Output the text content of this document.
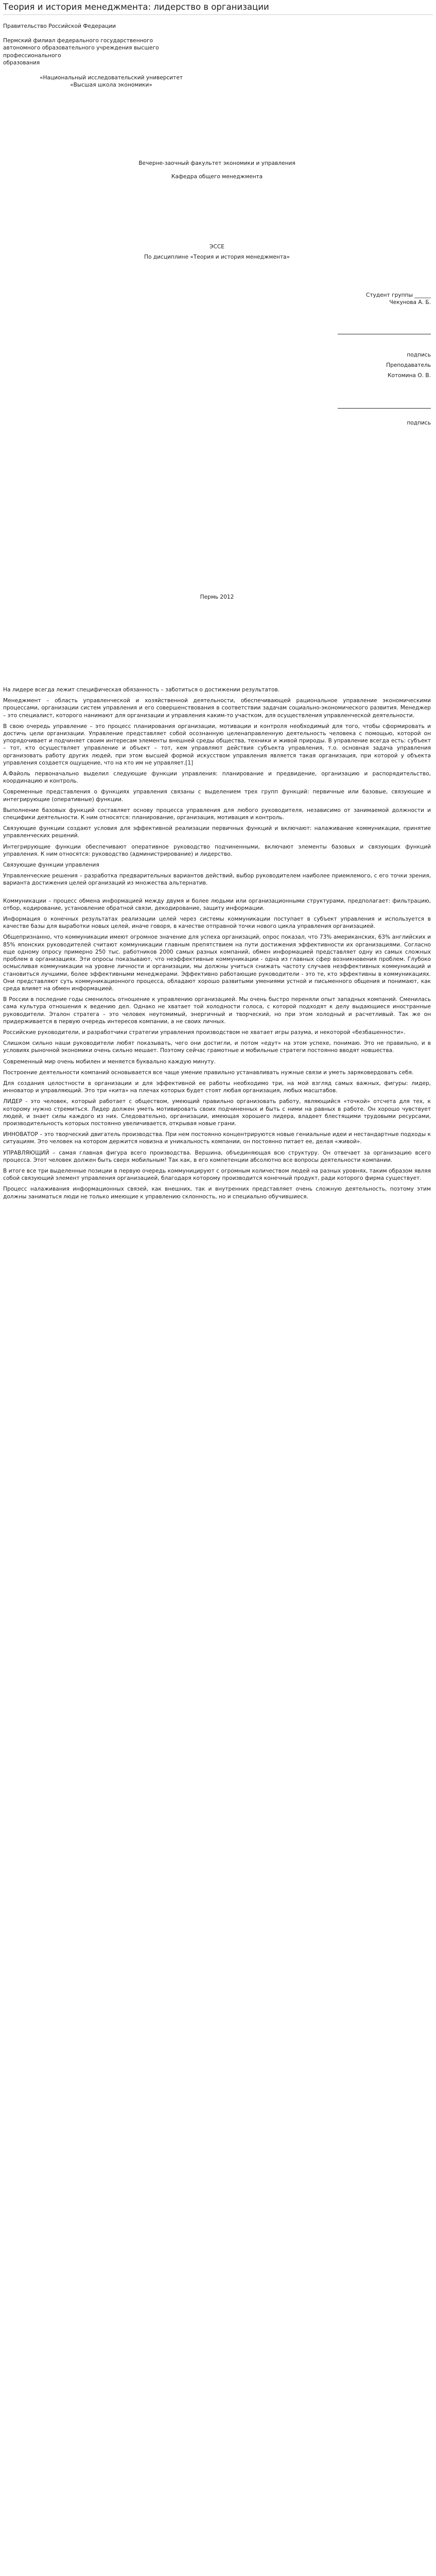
Теория и история менеджмента: лидерство в организации
Правительство Российской Федерации
Пермский филиал федерального государственного
автономного образовательного учреждения высшего профессионального
образования
«Национальный исследовательский университет
«Высшая школа экономики»
Вечерне-заочный факультет экономики и управления
Кафедра общего менеджмента
ЭССЕ
По дисциплине «Теория и история менеджмента»
Студент группы ______
Чекунова А. Б.
подпись
Преподаватель
Котомина О. В.
подпись
Пермь 2012

На лидере всегда лежит специфическая обязанность – заботиться о достижении результатов.

Менеджмент – область управленческой и хозяйственной деятельности, обеспечивающей рациональное управление экономическими процессами, организации систем управления и его совершенствования в соответствии задачам социально-экономического развития. Менеджер – это специалист, которого нанимают для организации и управления каким-то участком, для осуществления управленческой деятельности.

В свою очередь управление – это процесс планирования организации, мотивации и контроля необходимый для того, чтобы сформировать и достичь цели организации. Управление представляет собой осознанную целенаправленную деятельность человека с помощью, которой он упорядочивает и подчиняет своим интересам элементы внешней среды общества, техники и живой природы. В управление всегда есть: субъект – тот, кто осуществляет управление и объект – тот, кем управляют действия субъекта управления, т.о. основная задача управления организовать работу других людей, при этом высшей формой искусством управления является такая организация, при которой у объекта управления создается ощущение, что на кто им не управляет.[1]

А.Файоль первоначально выделил следующие функции управления: планирование и предвидение, организацию и распорядительство, координацию и контроль.

Современные представления о функциях управления связаны с выделением трех групп функций: первичные или базовые, связующие и интегрирующие (оперативные) функции.

Выполнение базовых функций составляет основу процесса управления для любого руководителя, независимо от занимаемой должности и специфики деятельности. К ним относятся: планирование, организация, мотивация и контроль.

Связующие функции создают условия для эффективной реализации первичных функций и включают: налаживание коммуникации, принятие управленческих решений.

Интегрирующие функции обеспечивают оперативное руководство подчиненными, включают элементы базовых и связующих функций управления. К ним относятся: руководство (администрирование) и лидерство.

Связующие функции управления

Управленческие решения – разработка предварительных вариантов действий, выбор руководителем наиболее приемлемого, с его точки зрения, варианта достижения целей организаций из множества альтернатив.

Коммуникации – процесс обмена информацией между двумя и более людьми или организационными структурами, предполагает: фильтрацию, отбор, кодирование, установление обратной связи, декодирование, защиту информации.

Информация о конечных результатах реализации целей через системы коммуникации поступает в субъект управления и используется в качестве базы для выработки новых целей, иначе говоря, в качестве отправной точки нового цикла управления организацией.

Общепризнанно, что коммуникации имеют огромное значение для успеха организаций, опрос показал, что 73% американских, 63% английских и 85% японских руководителей считают коммуникации главным препятствием на пути достижения эффективности их организациями. Согласно еще одному опросу примерно 250 тыс. работников 2000 самых разных компаний, обмен информацией представляет одну из самых сложных проблем в организациях. Эти опросы показывают, что неэффективные коммуникации - одна из главных сфер возникновения проблем. Глубоко осмысливая коммуникации на уровне личности и организации, мы должны учиться снижать частоту случаев неэффективных коммуникаций и становиться лучшими, более эффективными менеджерами. Эффективно работающие руководители - это те, кто эффективны в коммуникациях. Они представляют суть коммуникационного процесса, обладают хорошо развитыми умениями устной и письменного общения и понимают, как среда влияет на обмен информацией.

В России в последние годы сменилось отношение к управлению организацией. Мы очень быстро переняли опыт западных компаний. Сменилась сама культура отношения к ведению дел. Однако не хватает той холодности голоса, с которой подходят к делу выдающиеся иностранные руководители. Эталон стратега – это человек неутомимый, энергичный и творческий, но при этом холодный и расчетливый. Так же он придерживается в первую очередь интересов компании, а не своих личных.

Российские руководители, и разработчики стратегии управления производством не хватает игры разума, и некоторой «безбашенности».

Слишком сильно наши руководители любят показывать, чего они достигли, и потом «едут» на этом успехе, понимаю. Это не правильно, и в условиях рыночной экономики очень сильно мешает. Поэтому сейчас грамотные и мобильные стратеги постоянно вводят новшества.

Современный мир очень мобилен и меняется буквально каждую минуту.

Построение деятельности компаний основывается все чаще умение правильно устанавливать нужные связи и уметь заряковердовать себя.

Для создания целостности в организации и для эффективной ее работы необходимо три, на мой взгляд самых важных, фигуры: лидер, инноватор и управляющий. Это три «кита» на плечах которых будет стоят любая организация, любых масштабов.

ЛИДЕР - это человек, который работает с обществом, умеющий правильно организовать работу, являющийся «точкой» отсчета для тех, к которому нужно стремиться. Лидер должен уметь мотивировать своих подчиненных и быть с ними на равных в работе. Он хорошо чувствует людей, и знает силы каждого из них. Следовательно, организации, имеющая хорошего лидера, владеет блестящими трудовыми ресурсами, производительность которых постоянно увеличивается, открывая новые грани.

ИННОВАТОР – это творческий двигатель производства. При нем постоянно концентрируются новые гениальные идеи и нестандартные подходы к ситуациям. Это человек на котором держится новизна и уникальность компании, он постоянно питает ее, делая «живой».

УПРАВЛЯЮЩИЙ – самая главная фигура всего производства. Вершина, объединяющая всю структуру. Он отвечает за организацию всего процесса. Этот человек должен быть сверх мобильным! Так как, в его компетенции абсолютно все вопросы деятельности компании.

В итоге все три выделенные позиции в первую очередь коммуницируют с огромным количеством людей на разных уровнях, таким образом являя собой связующий элемент управления организацией, благодаря которому производится конечный продукт, ради которого фирма существует.

Процесс налаживания информационных связей, как внешних, так и внутренних представляет очень сложную деятельность, поэтому этим должны заниматься люди не только имеющие к управлению склонность, но и специально обучившиеся.
